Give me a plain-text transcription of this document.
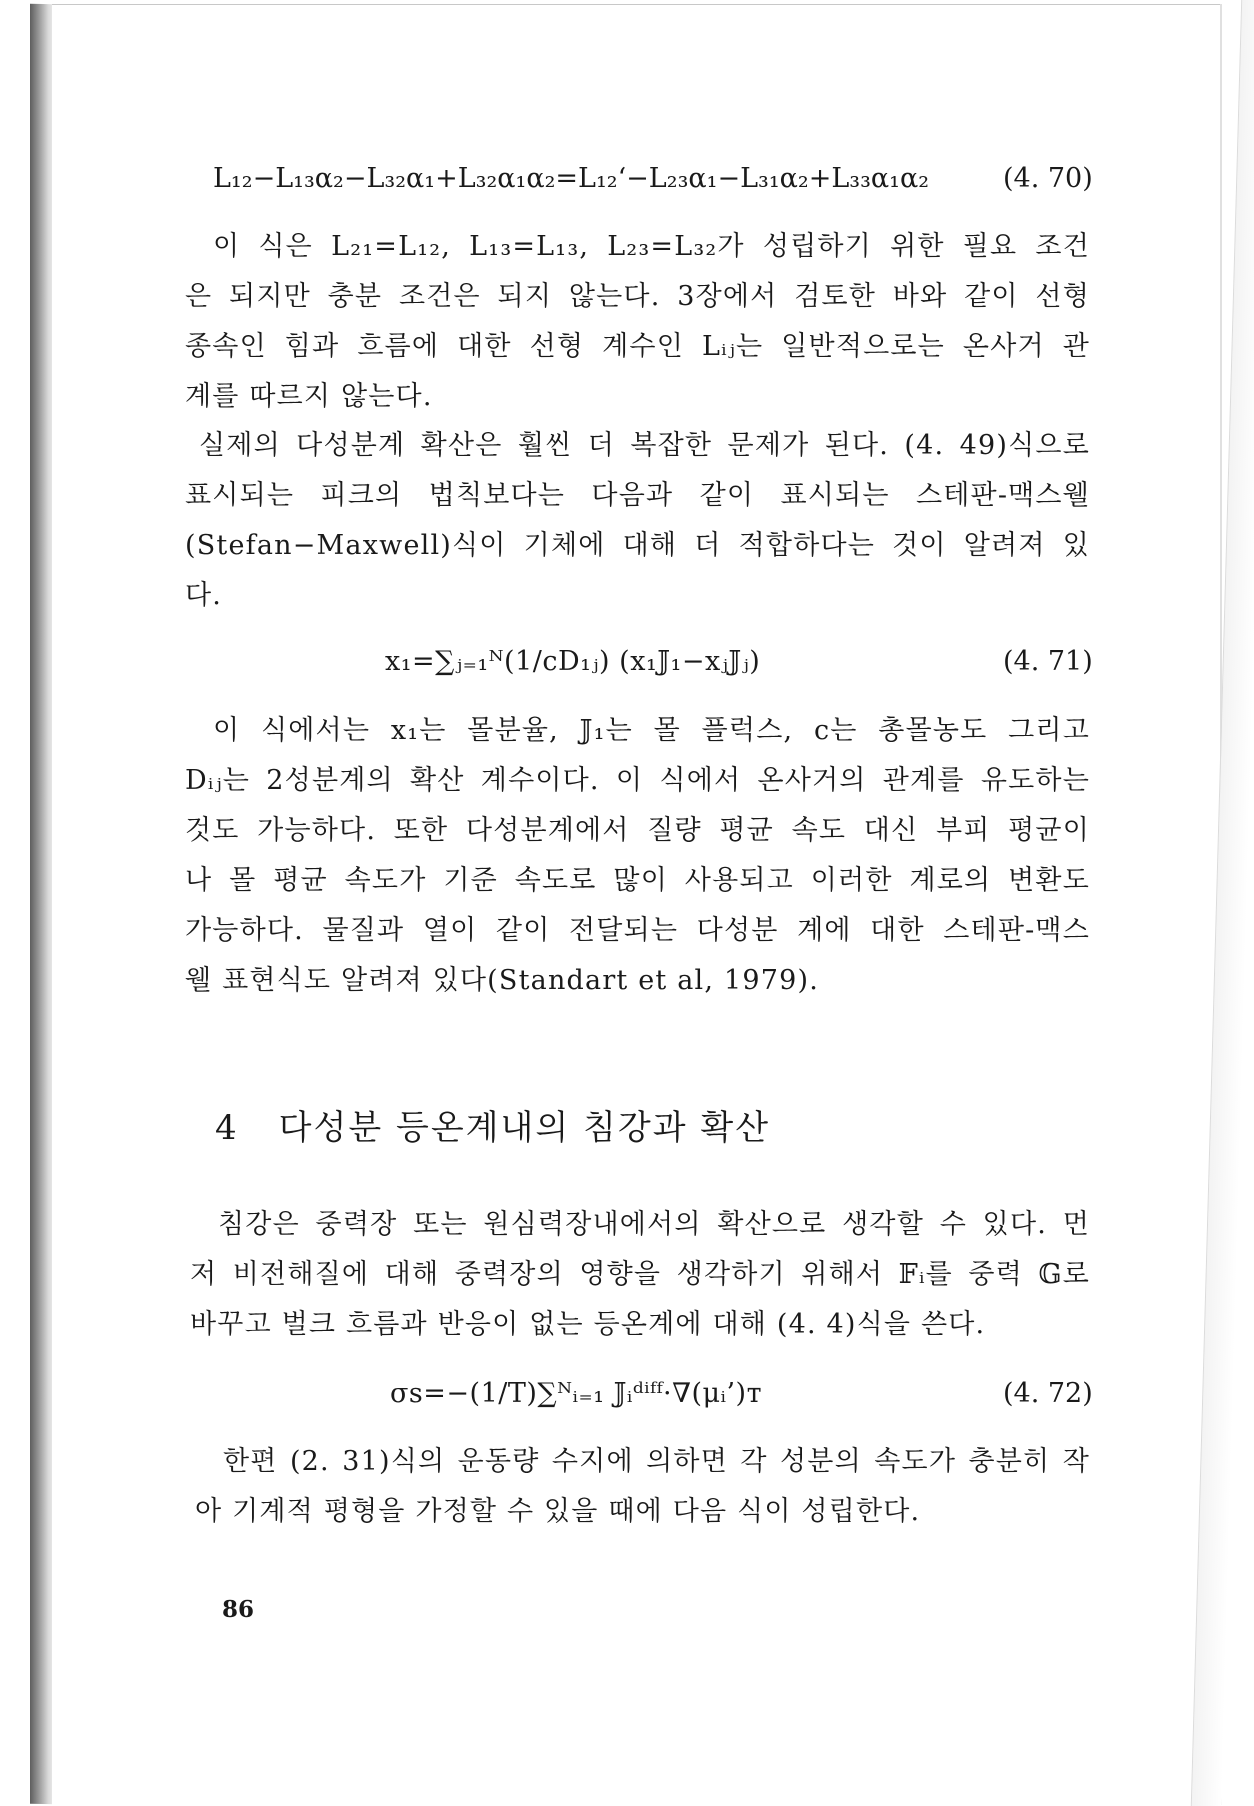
L₁₂−L₁₃α₂−L₃₂α₁+L₃₂α₁α₂=L₁₂‘−L₂₃α₁−L₃₁α₂+L₃₃α₁α₂	(4. 70)
이 식은 L₂₁=L₁₂, L₁₃=L₁₃, L₂₃=L₃₂가 성립하기 위한 필요 조건
은 되지만 충분 조건은 되지 않는다. 3장에서 검토한 바와 같이 선형
종속인 힘과 흐름에 대한 선형 계수인 Lᵢⱼ는 일반적으로는 온사거 관
계를 따르지 않는다.
실제의 다성분계 확산은 훨씬 더 복잡한 문제가 된다. (4. 49)식으로
표시되는 피크의 법칙보다는 다음과 같이 표시되는 스테판-맥스웰
(Stefan−Maxwell)식이 기체에 대해 더 적합하다는 것이 알려져 있
다.
x₁=∑ⱼ₌₁ᴺ(1/cD₁ⱼ) (x₁𝕁₁−xⱼ𝕁ⱼ)	(4. 71)
이 식에서는 x₁는 몰분율, 𝕁₁는 몰 플럭스, c는 총몰농도 그리고
Dᵢⱼ는 2성분계의 확산 계수이다. 이 식에서 온사거의 관계를 유도하는
것도 가능하다. 또한 다성분계에서 질량 평균 속도 대신 부피 평균이
나 몰 평균 속도가 기준 속도로 많이 사용되고 이러한 계로의 변환도
가능하다. 물질과 열이 같이 전달되는 다성분 계에 대한 스테판-맥스
웰 표현식도 알려져 있다(Standart et al, 1979).
4 다성분 등온계내의 침강과 확산
침강은 중력장 또는 원심력장내에서의 확산으로 생각할 수 있다. 먼
저 비전해질에 대해 중력장의 영향을 생각하기 위해서 𝔽ᵢ를 중력 𝔾로
바꾸고 벌크 흐름과 반응이 없는 등온계에 대해 (4. 4)식을 쓴다.
σs=−(1/T)∑ᴺᵢ₌₁ 𝕁ᵢᵈⁱᶠᶠ·∇(μᵢ’)ᴛ	(4. 72)
한편 (2. 31)식의 운동량 수지에 의하면 각 성분의 속도가 충분히 작
아 기계적 평형을 가정할 수 있을 때에 다음 식이 성립한다.
86
